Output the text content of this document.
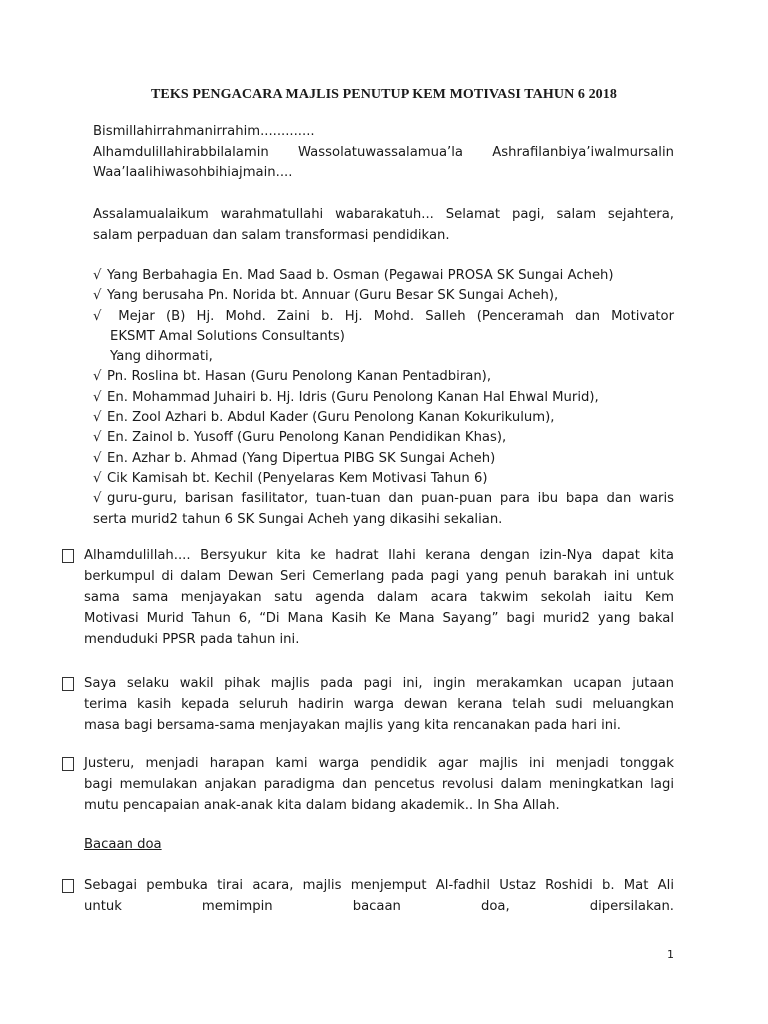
TEKS PENGACARA MAJLIS PENUTUP KEM MOTIVASI TAHUN 6 2018
Bismillahirrahmanirrahim.............
Alhamdulillahirabbilalamin Wassolatuwassalamua’la Ashrafilanbiya’iwalmursalin
Waa’laalihiwasohbihiajmain....
Assalamualaikum warahmatullahi wabarakatuh... Selamat pagi, salam sejahtera,
salam perpaduan dan salam transformasi pendidikan.
√ Yang Berbahagia En. Mad Saad b. Osman (Pegawai PROSA SK Sungai Acheh)
√ Yang berusaha Pn. Norida bt. Annuar (Guru Besar SK Sungai Acheh),
√ Mejar (B) Hj. Mohd. Zaini b. Hj. Mohd. Salleh (Penceramah dan Motivator
EKSMT Amal Solutions Consultants)
Yang dihormati,
√ Pn. Roslina bt. Hasan (Guru Penolong Kanan Pentadbiran),
√ En. Mohammad Juhairi b. Hj. Idris (Guru Penolong Kanan Hal Ehwal Murid),
√ En. Zool Azhari b. Abdul Kader (Guru Penolong Kanan Kokurikulum),
√ En. Zainol b. Yusoff (Guru Penolong Kanan Pendidikan Khas),
√ En. Azhar b. Ahmad (Yang Dipertua PIBG SK Sungai Acheh)
√ Cik Kamisah bt. Kechil (Penyelaras Kem Motivasi Tahun 6)
√ guru-guru, barisan fasilitator, tuan-tuan dan puan-puan para ibu bapa dan waris
serta murid2 tahun 6 SK Sungai Acheh yang dikasihi sekalian.
Alhamdulillah.... Bersyukur kita ke hadrat Ilahi kerana dengan izin-Nya dapat kita
berkumpul di dalam Dewan Seri Cemerlang pada pagi yang penuh barakah ini untuk
sama sama menjayakan satu agenda dalam acara takwim sekolah iaitu Kem
Motivasi Murid Tahun 6, “Di Mana Kasih Ke Mana Sayang” bagi murid2 yang bakal
menduduki PPSR pada tahun ini.
Saya selaku wakil pihak majlis pada pagi ini, ingin merakamkan ucapan jutaan
terima kasih kepada seluruh hadirin warga dewan kerana telah sudi meluangkan
masa bagi bersama-sama menjayakan majlis yang kita rencanakan pada hari ini.
Justeru, menjadi harapan kami warga pendidik agar majlis ini menjadi tonggak
bagi memulakan anjakan paradigma dan pencetus revolusi dalam meningkatkan lagi
mutu pencapaian anak-anak kita dalam bidang akademik.. In Sha Allah.
Bacaan doa
Sebagai pembuka tirai acara, majlis menjemput Al-fadhil Ustaz Roshidi b. Mat Ali
untuk memimpin bacaan doa, dipersilakan.
1
